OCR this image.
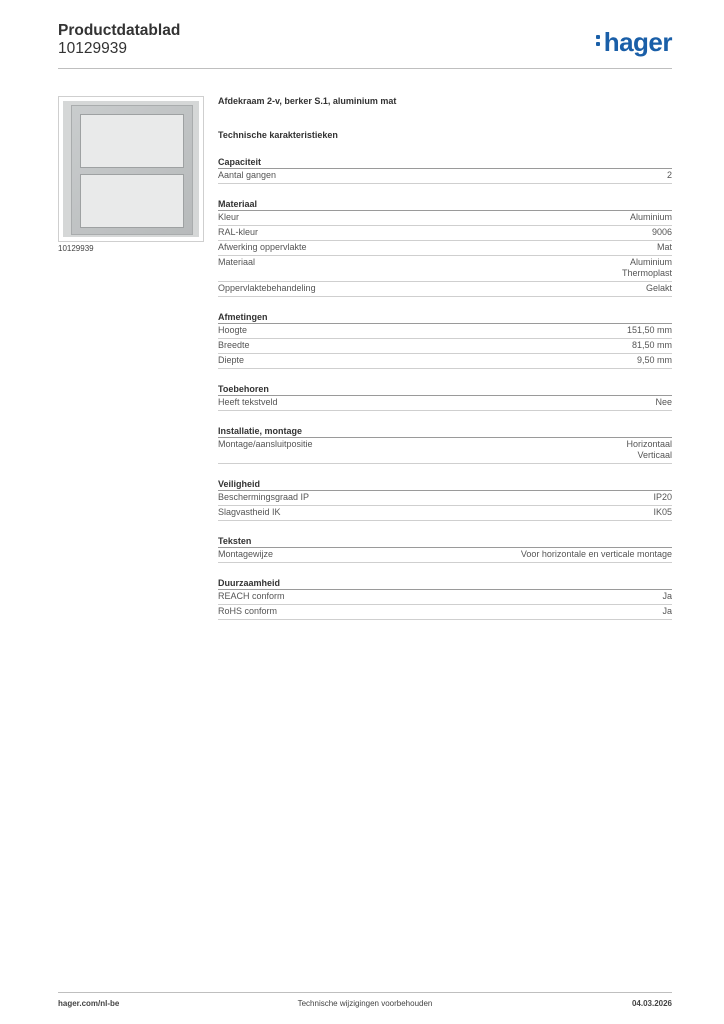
Productdatablad
10129939	hager
10129939
Afdekraam 2-v, berker S.1, aluminium mat
Technische karakteristieken
Capaciteit
Aantal gangen	2
Materiaal
Kleur	Aluminium
RAL-kleur	9006
Afwerking oppervlakte	Mat
Materiaal	Aluminium
Thermoplast
Oppervlaktebehandeling	Gelakt
Afmetingen
Hoogte	151,50 mm
Breedte	81,50 mm
Diepte	9,50 mm
Toebehoren
Heeft tekstveld	Nee
Installatie, montage
Montage/aansluitpositie	Horizontaal
Verticaal
Veiligheid
Beschermingsgraad IP	IP20
Slagvastheid IK	IK05
Teksten
Montagewijze	Voor horizontale en verticale montage
Duurzaamheid
REACH conform	Ja
RoHS conform	Ja
hager.com/nl-be	Technische wijzigingen voorbehouden	04.03.2026
